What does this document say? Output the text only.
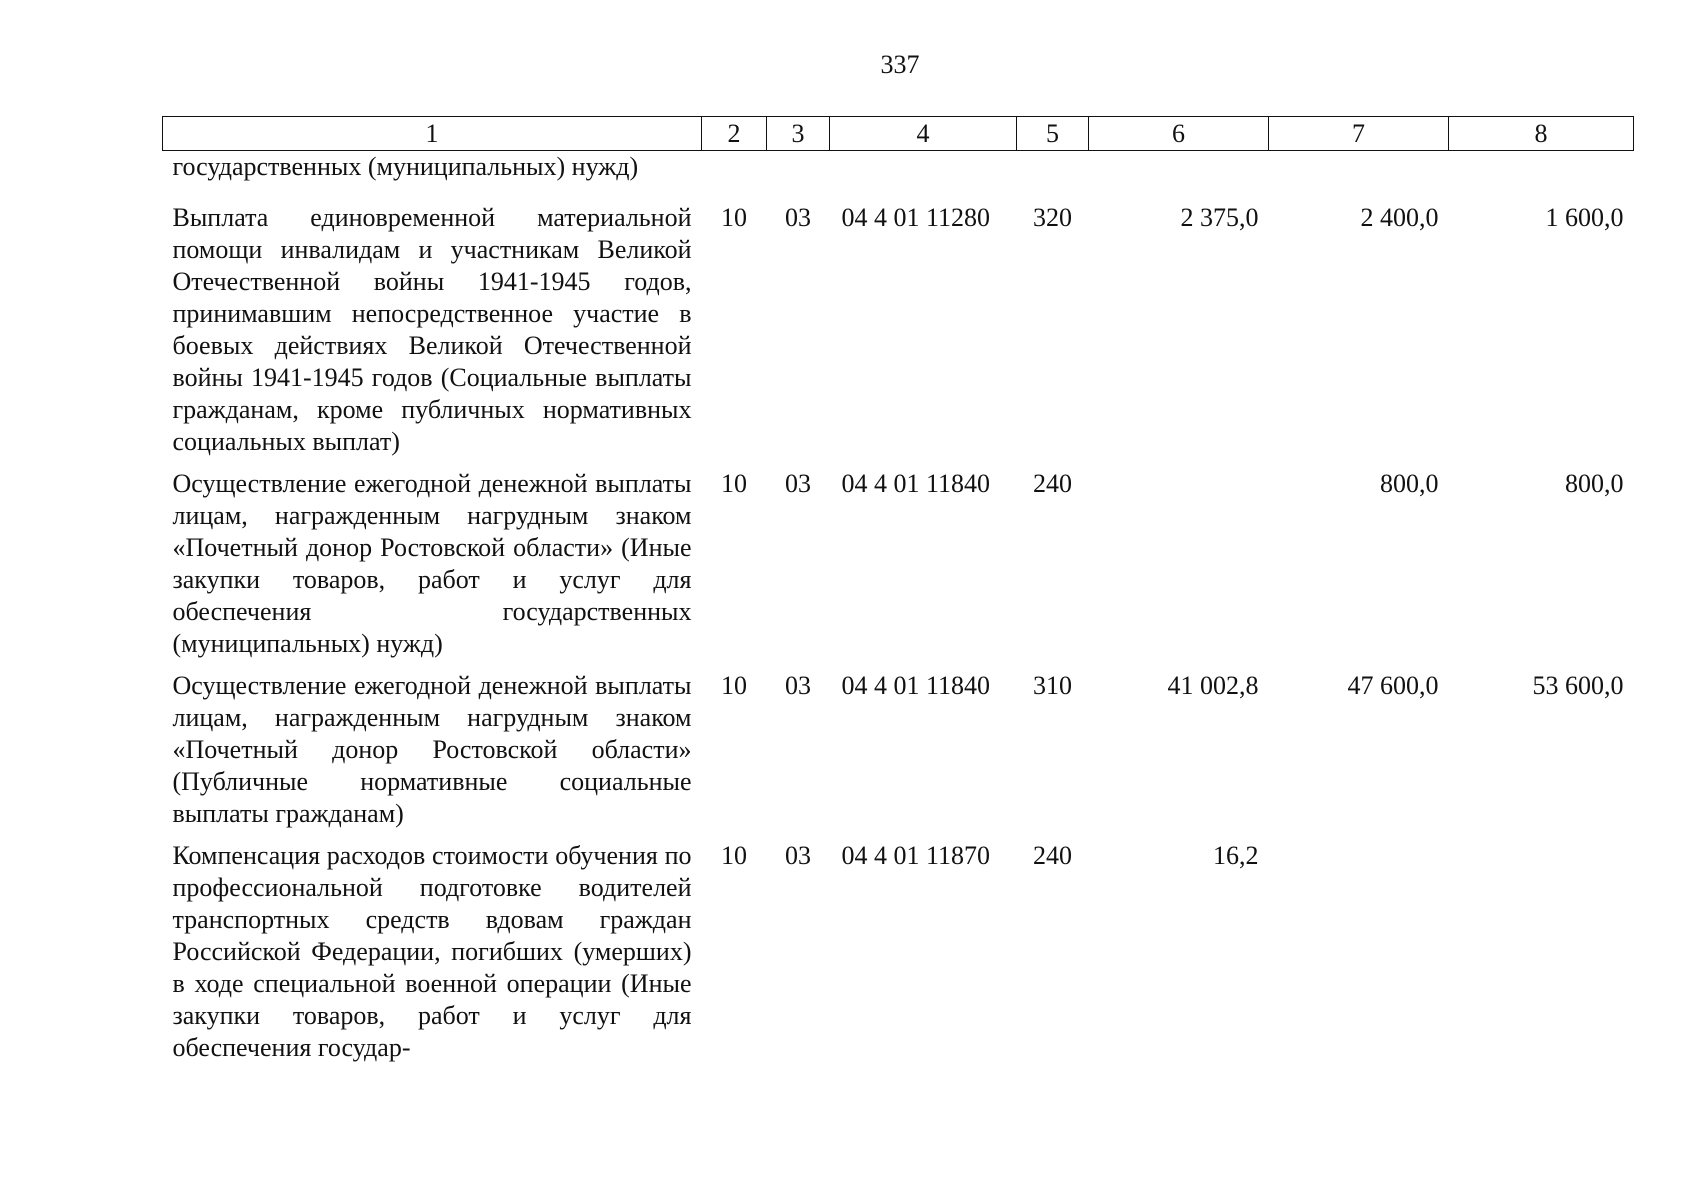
337
1	2	3	4	5	6	7	8
государственных (муниципальных) нужд)							
Выплата единовременной материальной помощи инвалидам и участникам Великой Отечественной войны 1941-1945 годов, принимавшим непосредственное участие в боевых действиях Великой Отечественной войны 1941-1945 годов (Социальные выплаты гражданам, кроме публичных нормативных социальных выплат)	10	03	04 4 01 11280	320	2 375,0	2 400,0	1 600,0
Осуществление ежегодной денежной выплаты лицам, награжденным нагрудным знаком «Почетный донор Ростовской области» (Иные закупки товаров, работ и услуг для обеспечения государственных (муниципальных) нужд)	10	03	04 4 01 11840	240		800,0	800,0
Осуществление ежегодной денежной выплаты лицам, награжденным нагрудным знаком «Почетный донор Ростовской области» (Публичные нормативные социальные выплаты гражданам)	10	03	04 4 01 11840	310	41 002,8	47 600,0	53 600,0
Компенсация расходов стоимости обучения по профессиональной подготовке водителей транспортных средств вдовам граждан Российской Федерации, погибших (умерших) в ходе специальной военной операции (Иные закупки товаров, работ и услуг для обеспечения государ-	10	03	04 4 01 11870	240	16,2		
